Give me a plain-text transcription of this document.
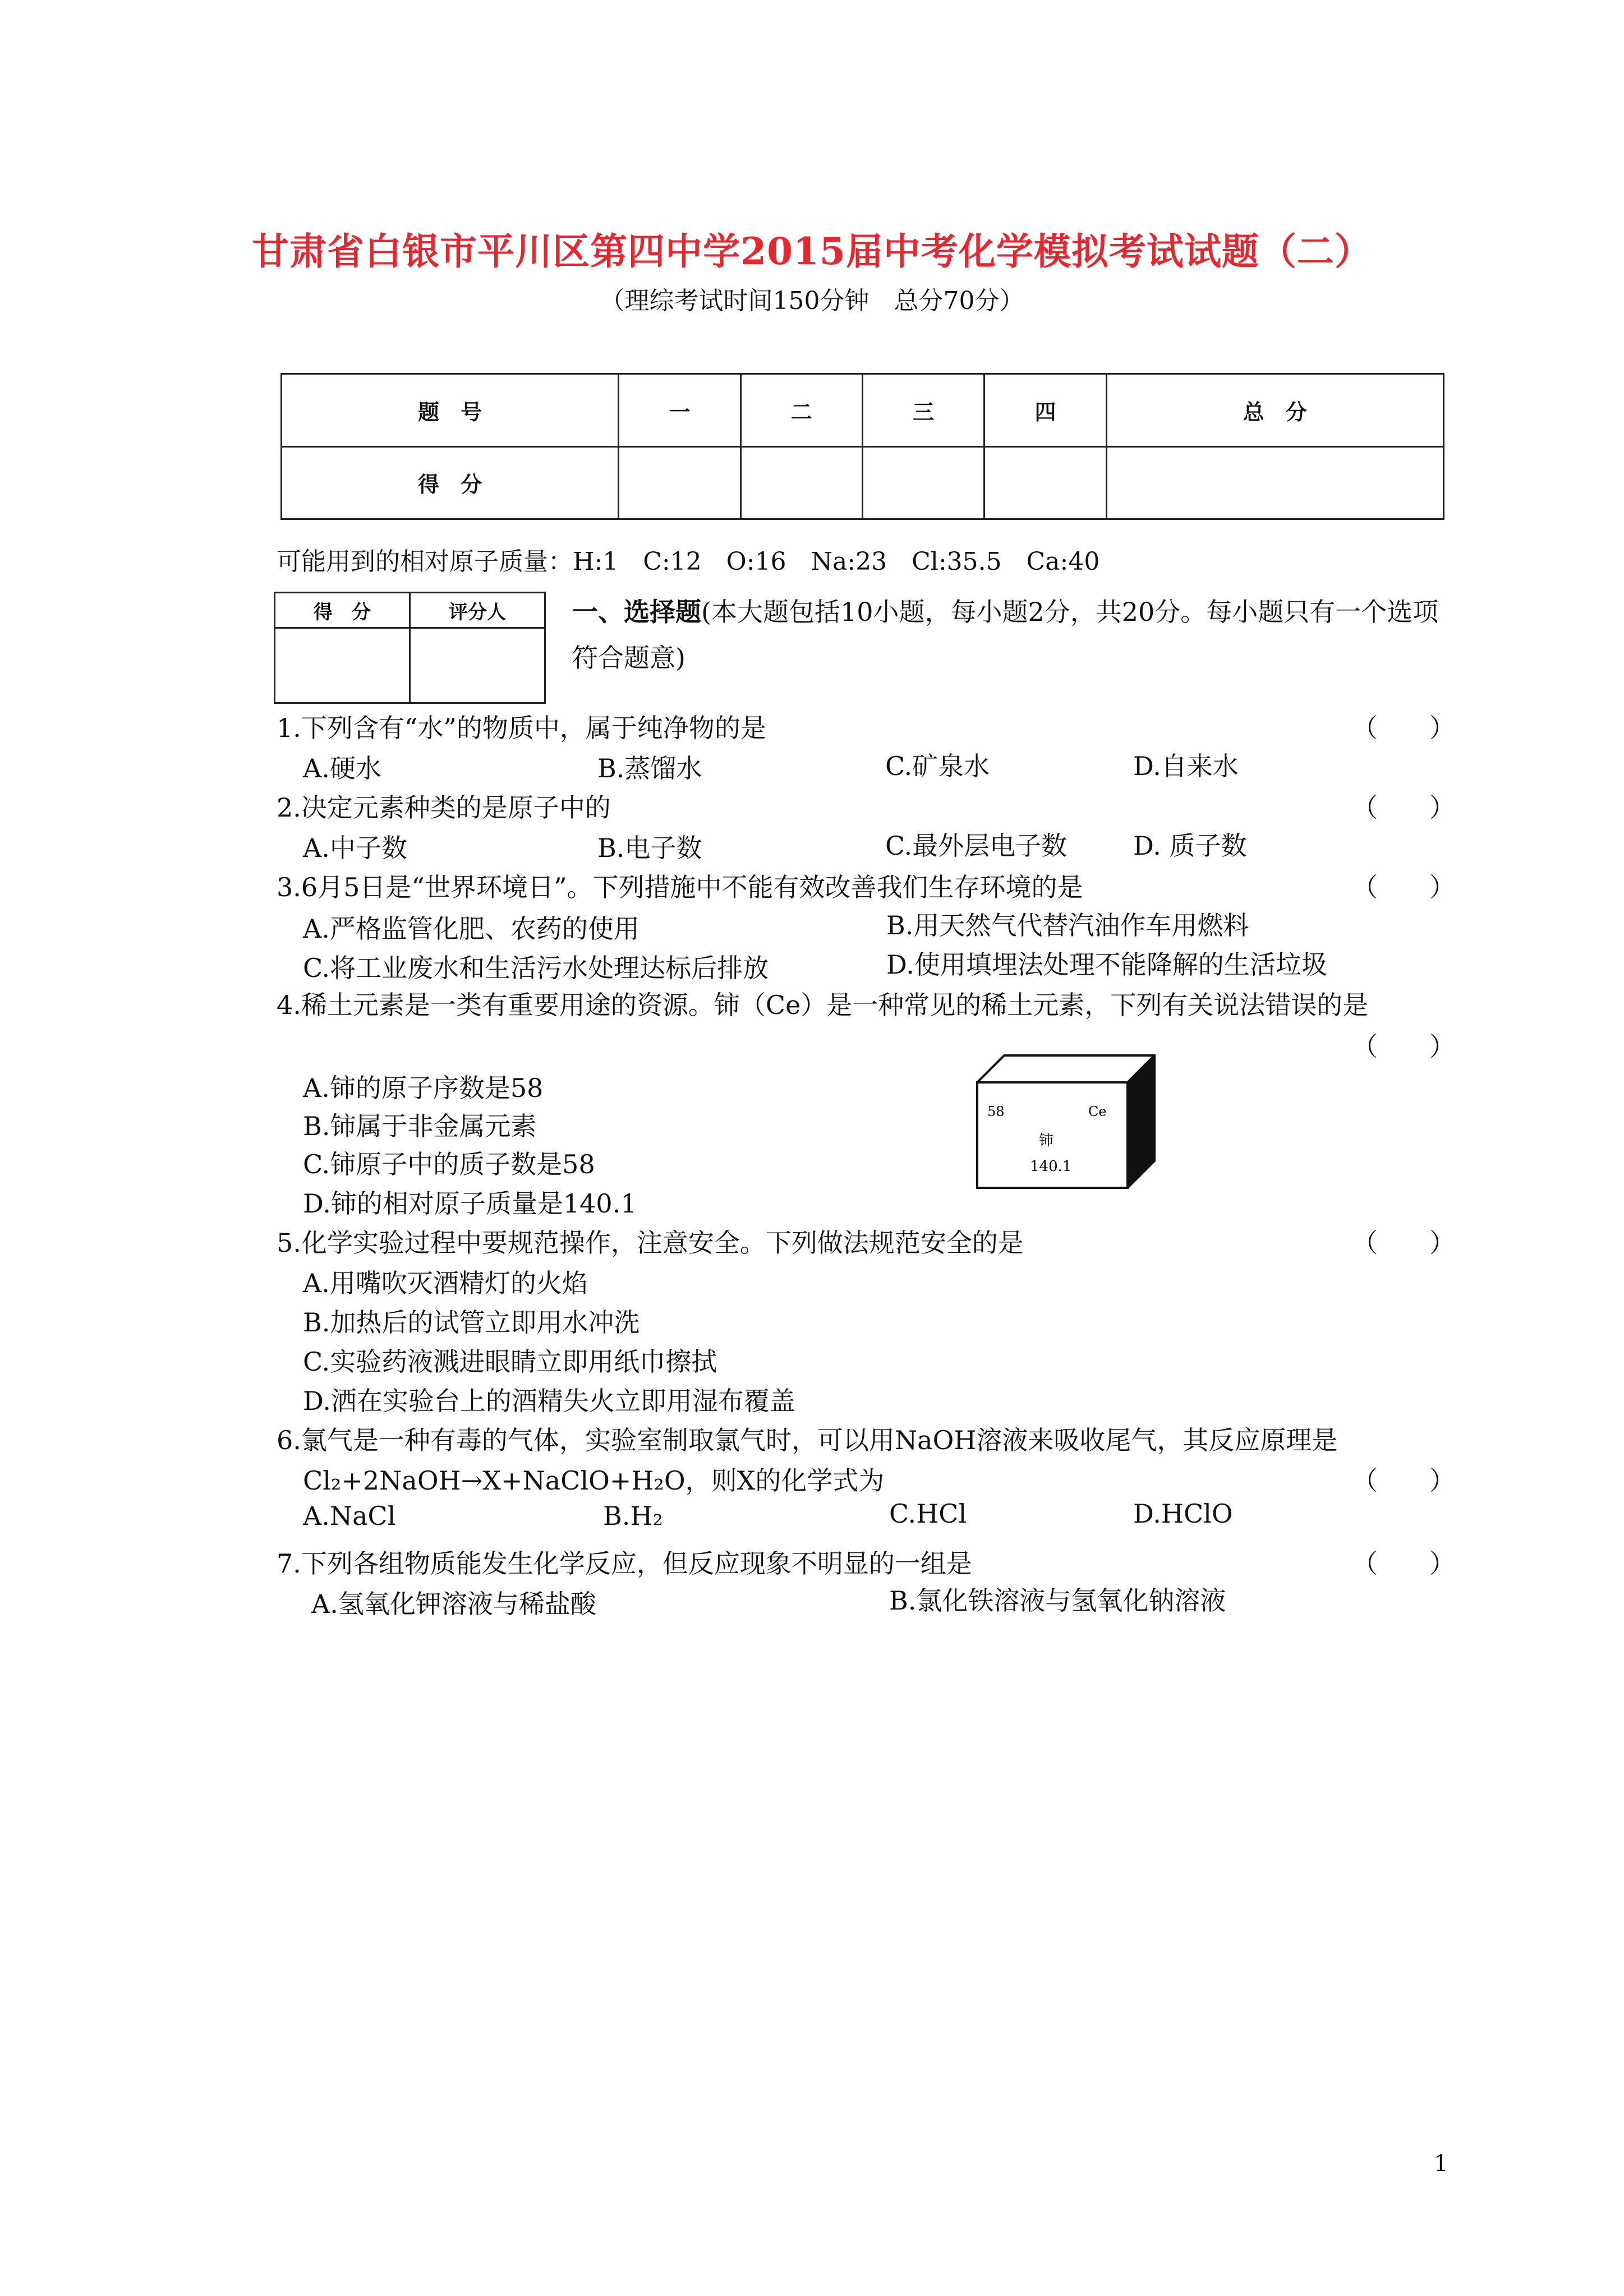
甘肃省白银市平川区第四中学2015届中考化学模拟考试试题（二）
（理综考试时间150分钟　总分70分）
题　号	一	二	三	四	总　分
得　分					
可能用到的相对原子质量：H:1　C:12　O:16　Na:23　Cl:35.5　Ca:40
得　分	评分人
		一、选择题(本大题包括10小题，每小题2分，共20分。每小题只有一个选项符合题意)
1.下列含有“水”的物质中，属于纯净物的是	（　　）
A.硬水	B.蒸馏水	C.矿泉水	D.自来水
2.决定元素种类的是原子中的	（　　）
A.中子数	B.电子数	C.最外层电子数	D. 质子数
3.6月5日是“世界环境日”。下列措施中不能有效改善我们生存环境的是	（　　）
A.严格监管化肥、农药的使用	B.用天然气代替汽油作车用燃料
C.将工业废水和生活污水处理达标后排放	D.使用填埋法处理不能降解的生活垃圾
4.稀土元素是一类有重要用途的资源。铈（Ce）是一种常见的稀土元素，下列有关说法错误的是
（　　）
A.铈的原子序数是58
B.铈属于非金属元素
C.铈原子中的质子数是58
D.铈的相对原子质量是140.1
58	Ce
铈
140.1
5.化学实验过程中要规范操作，注意安全。下列做法规范安全的是	（　　）
A.用嘴吹灭酒精灯的火焰
B.加热后的试管立即用水冲洗
C.实验药液溅进眼睛立即用纸巾擦拭
D.洒在实验台上的酒精失火立即用湿布覆盖
6.氯气是一种有毒的气体，实验室制取氯气时，可以用NaOH溶液来吸收尾气，其反应原理是
Cl₂+2NaOH→X+NaClO+H₂O，则X的化学式为	（　　）
A.NaCl	B.H₂	C.HCl	D.HClO
7.下列各组物质能发生化学反应，但反应现象不明显的一组是	（　　）
A.氢氧化钾溶液与稀盐酸	B.氯化铁溶液与氢氧化钠溶液
1
